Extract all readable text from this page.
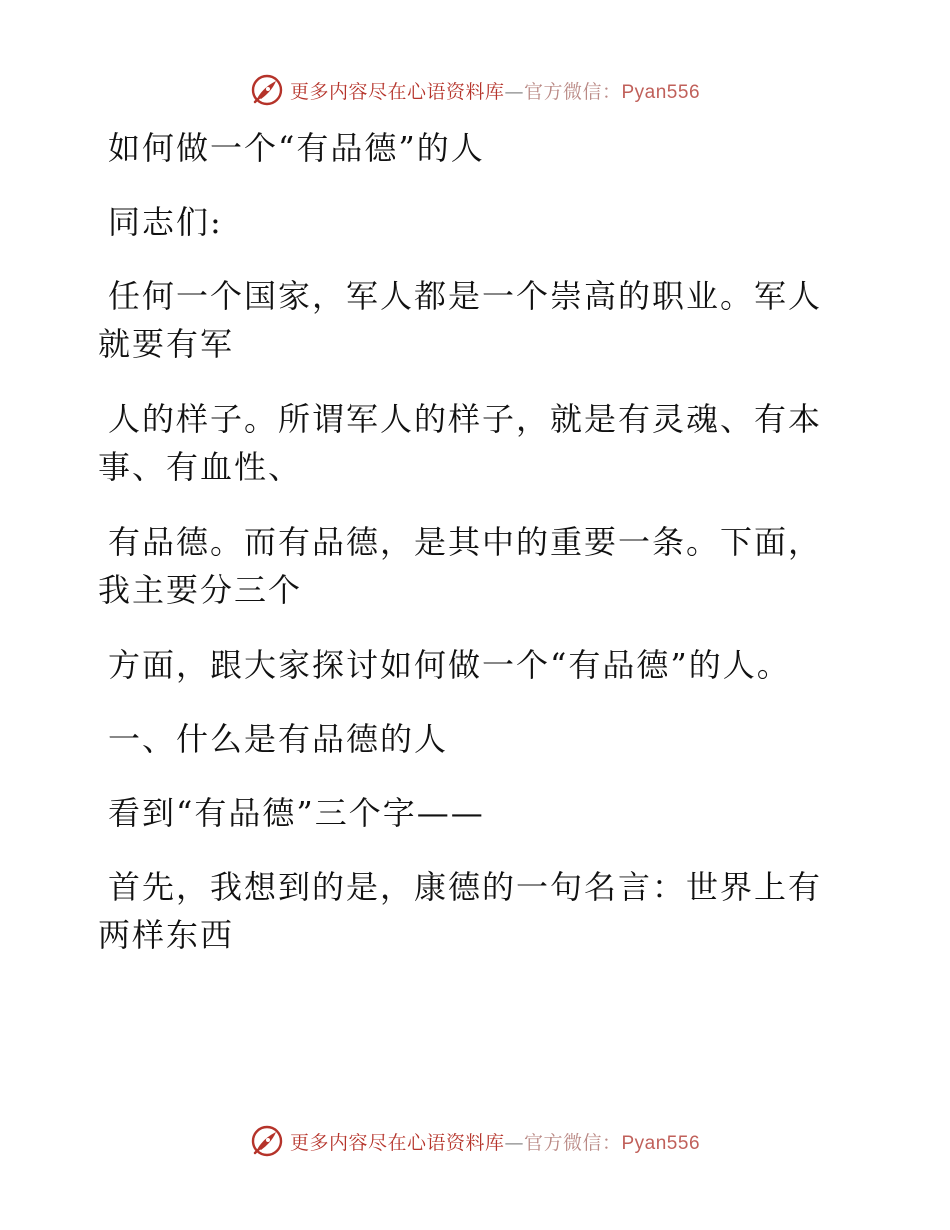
更多内容尽在心语资料库—官方微信：Pyan556
如何做一个“有品德”的人
同志们:
任何一个国家，军人都是一个崇高的职业。军人
就要有军
人的样子。所谓军人的样子，就是有灵魂、有本
事、有血性、
有品德。而有品德，是其中的重要一条。下面，
我主要分三个
方面，跟大家探讨如何做一个“有品德”的人。
一、什么是有品德的人
看到“有品德”三个字——
首先，我想到的是，康德的一句名言：世界上有
两样东西
更多内容尽在心语资料库—官方微信：Pyan556
